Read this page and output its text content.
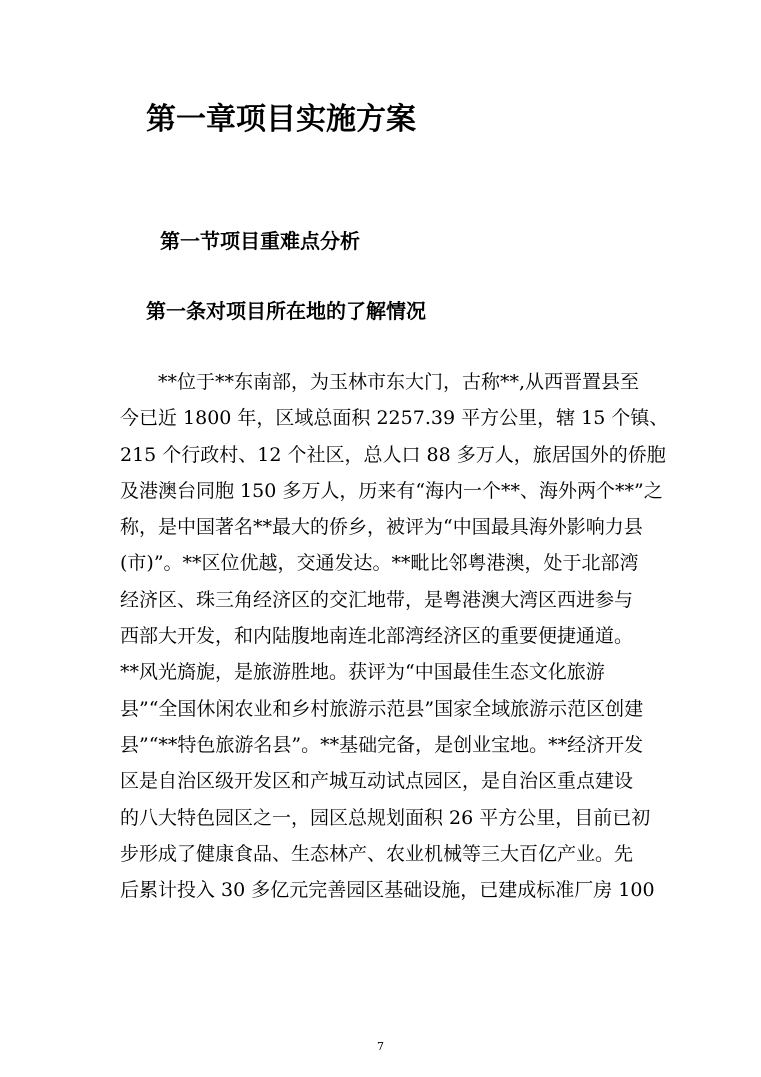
第一章项目实施方案
第一节项目重难点分析
第一条对项目所在地的了解情况
**位于**东南部，为玉林市东大门，古称**,从西晋置县至
今已近 1800 年，区域总面积 2257.39 平方公里，辖 15 个镇、
215 个行政村、12 个社区，总人口 88 多万人，旅居国外的侨胞
及港澳台同胞 150 多万人，历来有“海内一个**、海外两个**”之
称，是中国著名**最大的侨乡，被评为“中国最具海外影响力县
(市)”。**区位优越，交通发达。**毗比邻粤港澳，处于北部湾
经济区、珠三角经济区的交汇地带，是粤港澳大湾区西进参与
西部大开发，和内陆腹地南连北部湾经济区的重要便捷通道。
**风光旖旎，是旅游胜地。获评为“中国最佳生态文化旅游
县”“全国休闲农业和乡村旅游示范县”国家全域旅游示范区创建
县”“**特色旅游名县”。**基础完备，是创业宝地。**经济开发
区是自治区级开发区和产城互动试点园区，是自治区重点建设
的八大特色园区之一，园区总规划面积 26 平方公里，目前已初
步形成了健康食品、生态林产、农业机械等三大百亿产业。先
后累计投入 30 多亿元完善园区基础设施，已建成标准厂房 100
7
